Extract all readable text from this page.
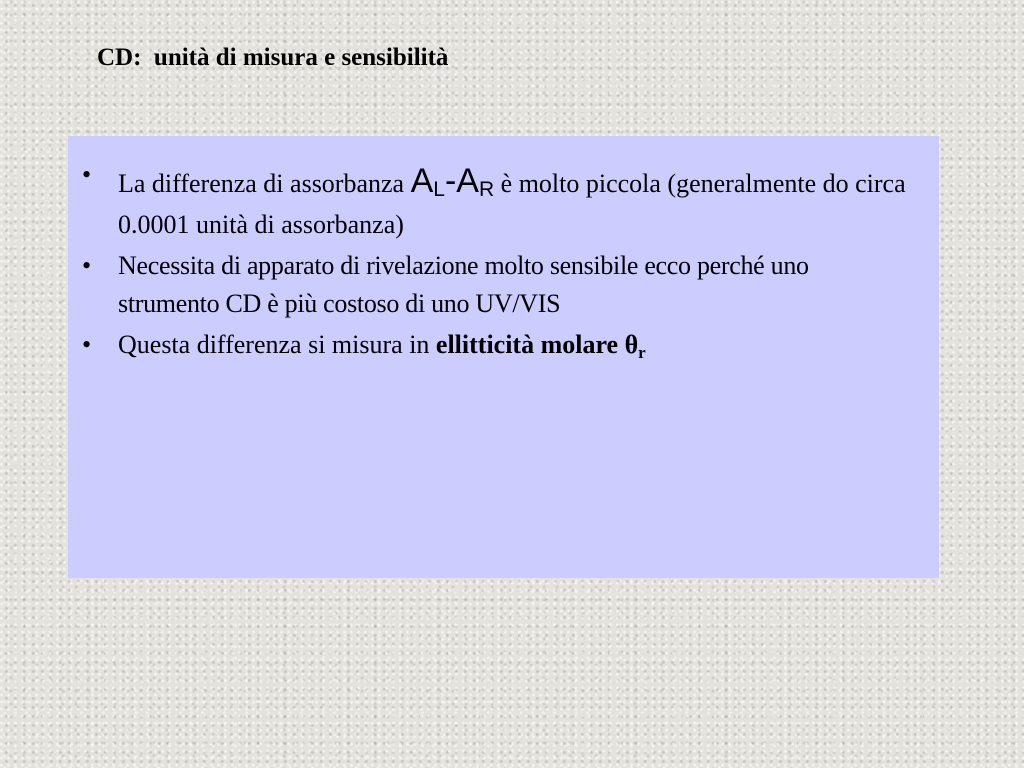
CD:  unità di misura e sensibilità
• La differenza di assorbanza $A_L-A_R$ è molto piccola (generalmente do circa 0.0001 unità di assorbanza)
• Necessita di apparato di rivelazione molto sensibile ecco perché uno strumento CD è più costoso di uno UV/VIS
• Questa differenza si misura in ellitticità molare $\theta_r$
